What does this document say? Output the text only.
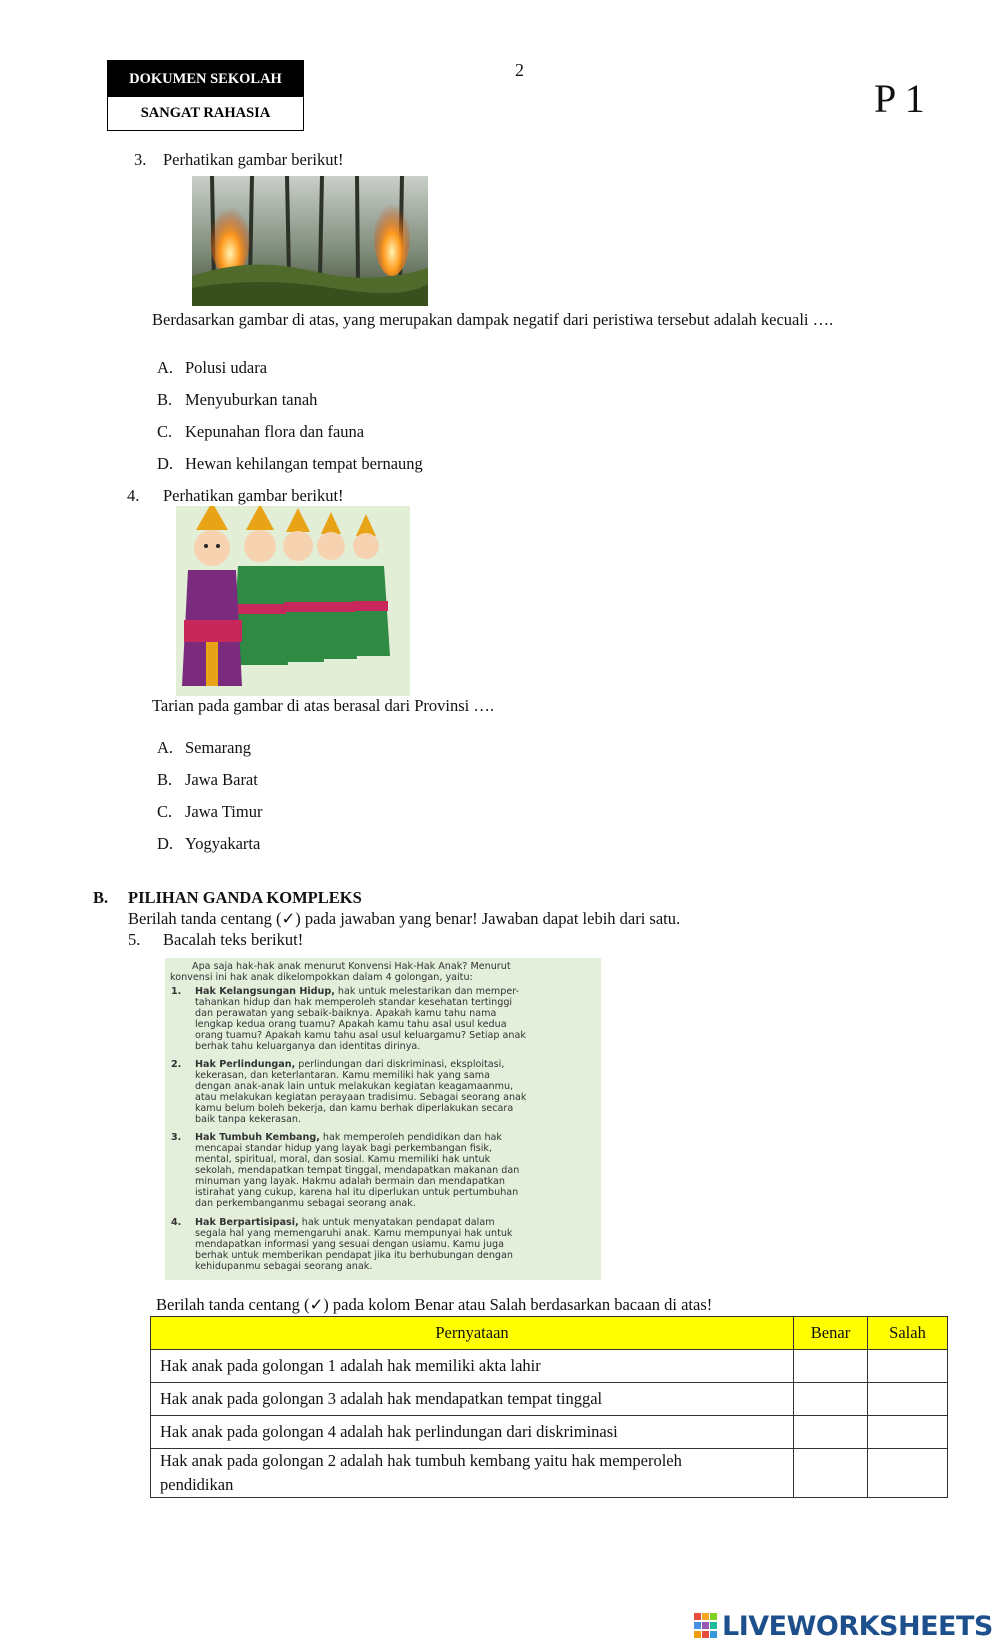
DOKUMEN SEKOLAH
SANGAT RAHASIA
2
P 1
3. Perhatikan gambar berikut!
Berdasarkan gambar di atas, yang merupakan dampak negatif dari peristiwa tersebut adalah kecuali ….
A. Polusi udara
B. Menyuburkan tanah
C. Kepunahan flora dan fauna
D. Hewan kehilangan tempat bernaung
4. Perhatikan gambar berikut!
Tarian pada gambar di atas berasal dari Provinsi ….
A. Semarang
B. Jawa Barat
C. Jawa Timur
D. Yogyakarta
B. PILIHAN GANDA KOMPLEKS
Berilah tanda centang (✓) pada jawaban yang benar! Jawaban dapat lebih dari satu.
5. Bacalah teks berikut!
Apa saja hak-hak anak menurut Konvensi Hak-Hak Anak? Menurut
konvensi ini hak anak dikelompokkan dalam 4 golongan, yaitu:
1. Hak Kelangsungan Hidup, hak untuk melestarikan dan memper-
tahankan hidup dan hak memperoleh standar kesehatan tertinggi
dan perawatan yang sebaik-baiknya. Apakah kamu tahu nama
lengkap kedua orang tuamu? Apakah kamu tahu asal usul kedua
orang tuamu? Apakah kamu tahu asal usul keluargamu? Setiap anak
berhak tahu keluarganya dan identitas dirinya.
2. Hak Perlindungan, perlindungan dari diskriminasi, eksploitasi,
kekerasan, dan keterlantaran. Kamu memiliki hak yang sama
dengan anak-anak lain untuk melakukan kegiatan keagamaanmu,
atau melakukan kegiatan perayaan tradisimu. Sebagai seorang anak
kamu belum boleh bekerja, dan kamu berhak diperlakukan secara
baik tanpa kekerasan.
3. Hak Tumbuh Kembang, hak memperoleh pendidikan dan hak
mencapai standar hidup yang layak bagi perkembangan fisik,
mental, spiritual, moral, dan sosial. Kamu memiliki hak untuk
sekolah, mendapatkan tempat tinggal, mendapatkan makanan dan
minuman yang layak. Hakmu adalah bermain dan mendapatkan
istirahat yang cukup, karena hal itu diperlukan untuk pertumbuhan
dan perkembanganmu sebagai seorang anak.
4. Hak Berpartisipasi, hak untuk menyatakan pendapat dalam
segala hal yang memengaruhi anak. Kamu mempunyai hak untuk
mendapatkan informasi yang sesuai dengan usiamu. Kamu juga
berhak untuk memberikan pendapat jika itu berhubungan dengan
kehidupanmu sebagai seorang anak.
Berilah tanda centang (✓) pada kolom Benar atau Salah berdasarkan bacaan di atas!
Pernyataan	Benar	Salah
Hak anak pada golongan 1 adalah hak memiliki akta lahir		
Hak anak pada golongan 3 adalah hak mendapatkan tempat tinggal		
Hak anak pada golongan 4 adalah hak perlindungan dari diskriminasi		
Hak anak pada golongan 2 adalah hak tumbuh kembang yaitu hak memperoleh
pendidikan		
LIVEWORKSHEETS
